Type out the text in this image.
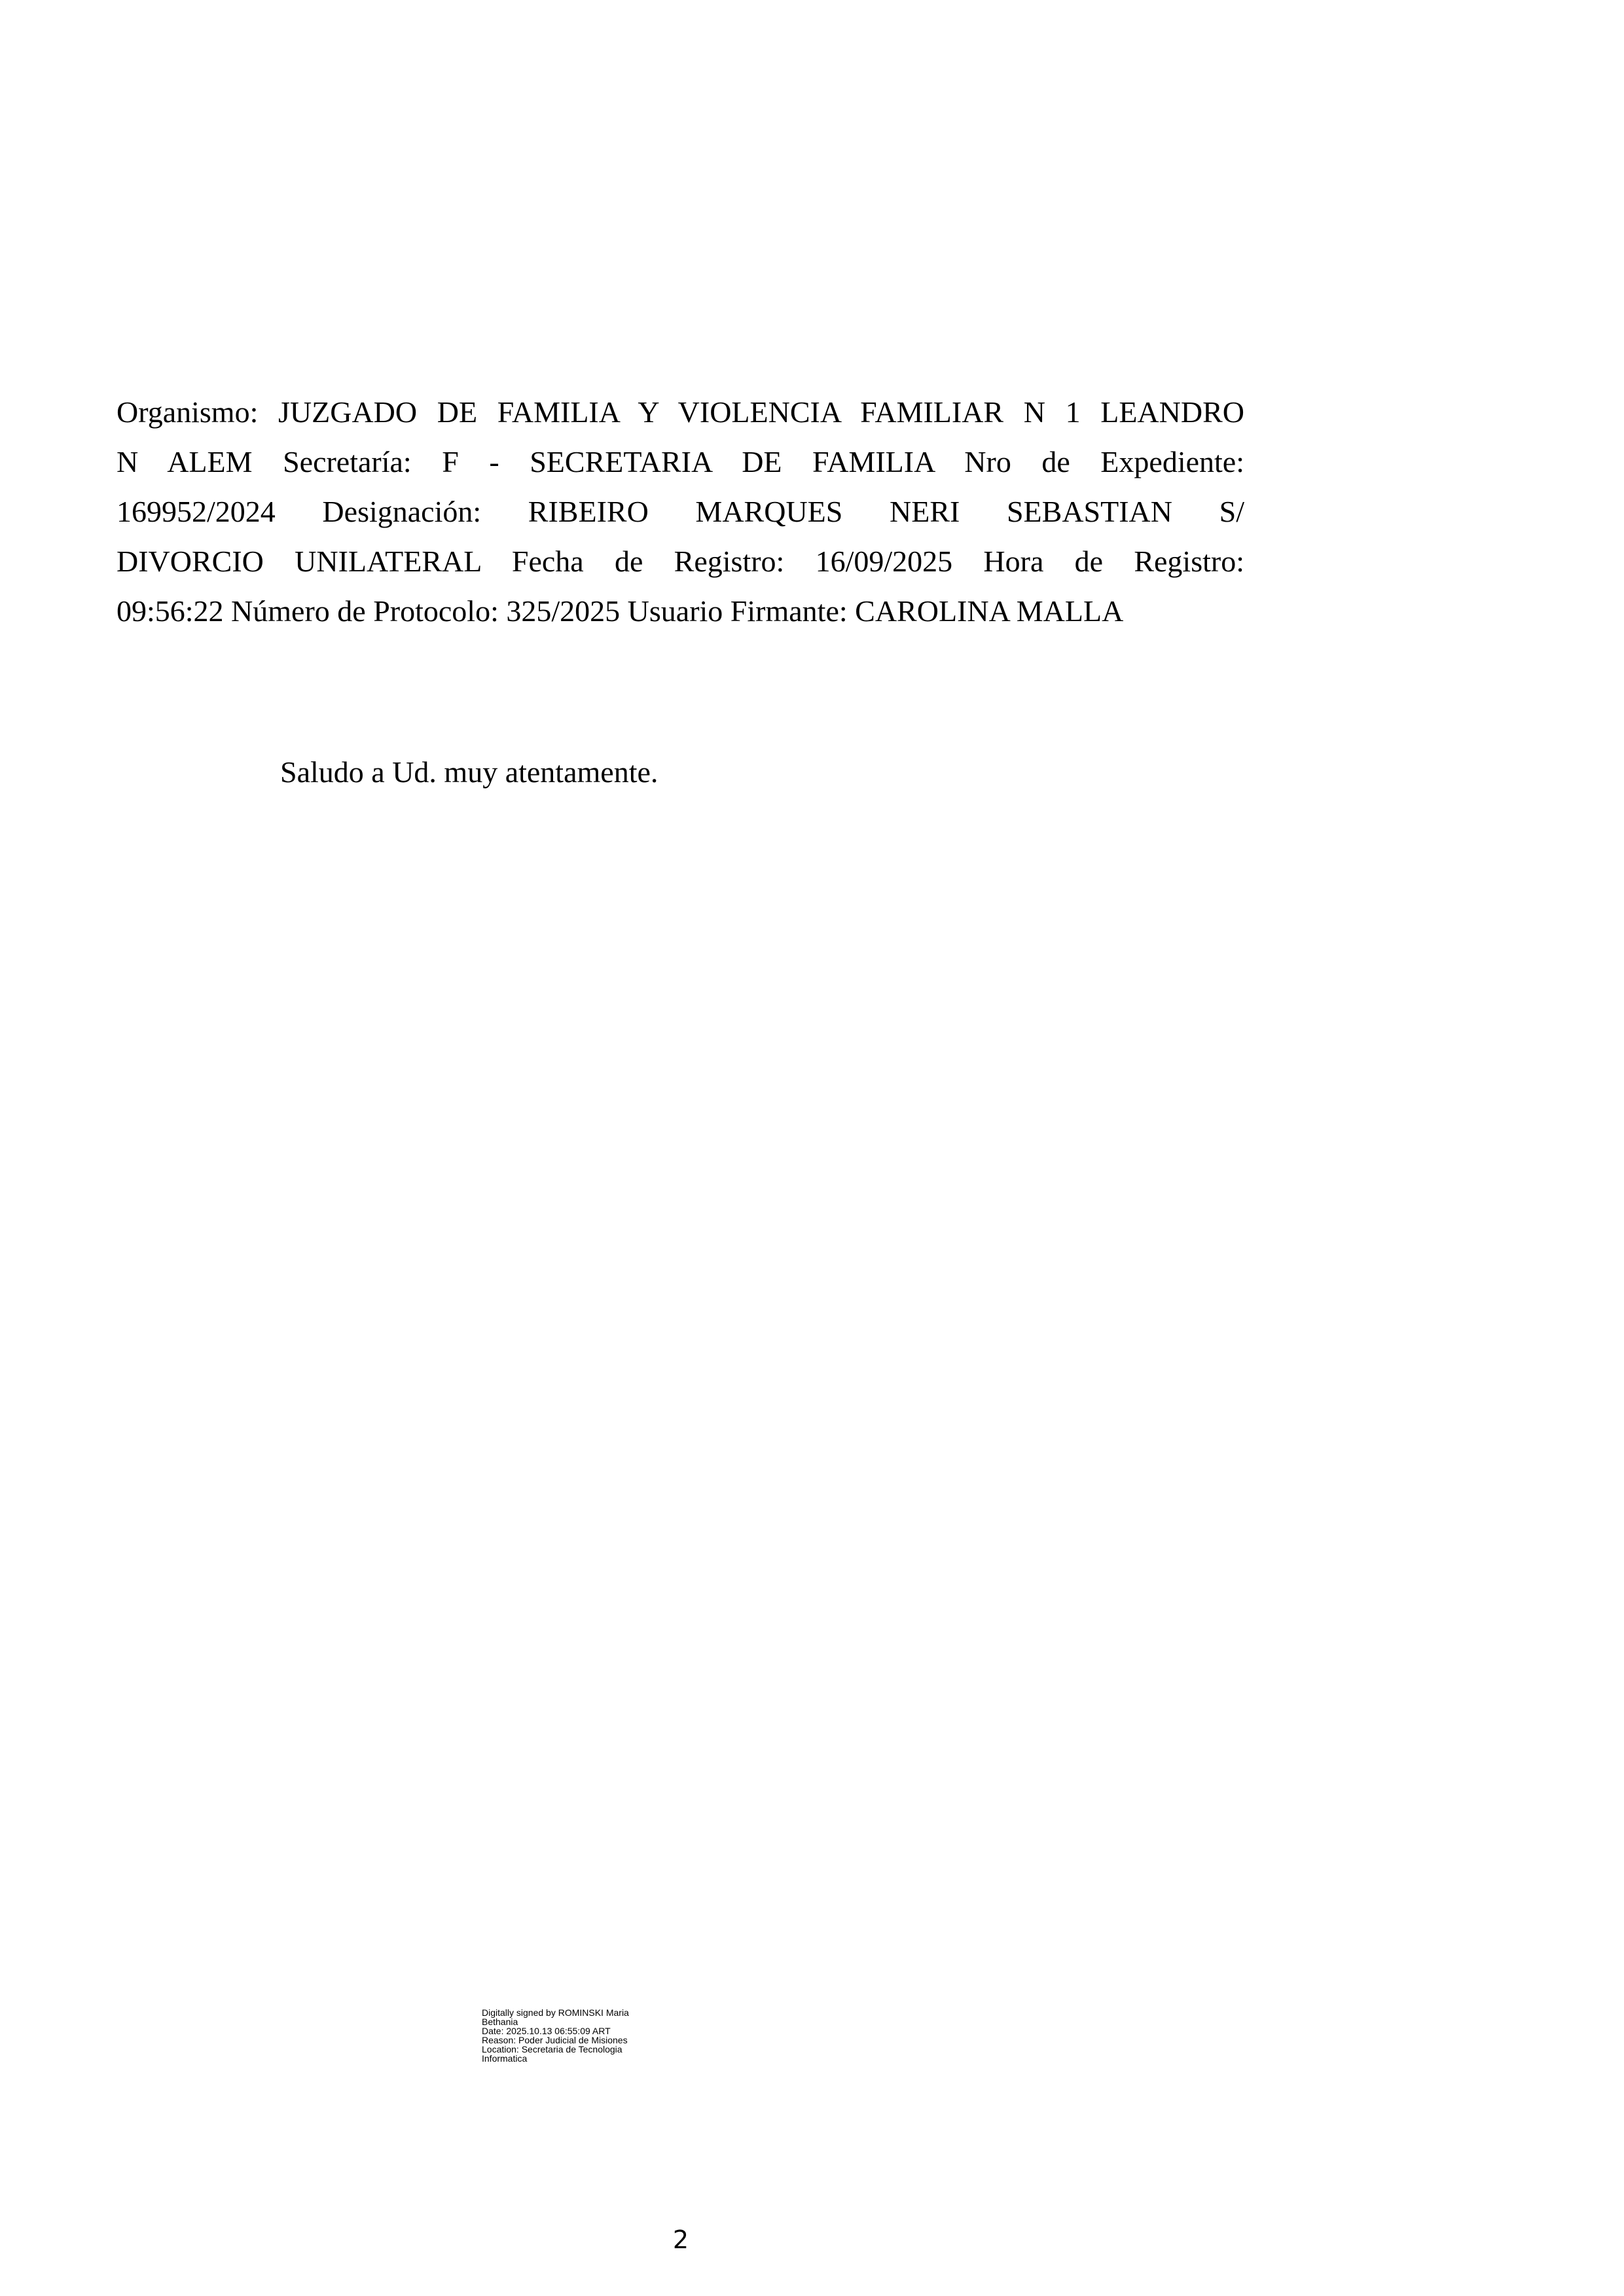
Organismo: JUZGADO DE FAMILIA Y VIOLENCIA FAMILIAR N 1 LEANDRO
N ALEM Secretaría: F - SECRETARIA DE FAMILIA Nro de Expediente:
169952/2024 Designación: RIBEIRO MARQUES NERI SEBASTIAN S/
DIVORCIO UNILATERAL Fecha de Registro: 16/09/2025 Hora de Registro:
09:56:22 Número de Protocolo: 325/2025 Usuario Firmante: CAROLINA MALLA
Saludo a Ud. muy atentamente.
Digitally signed by ROMINSKI Maria
Bethania
Date: 2025.10.13 06:55:09 ART
Reason: Poder Judicial de Misiones
Location: Secretaria de Tecnologia
Informatica
2
